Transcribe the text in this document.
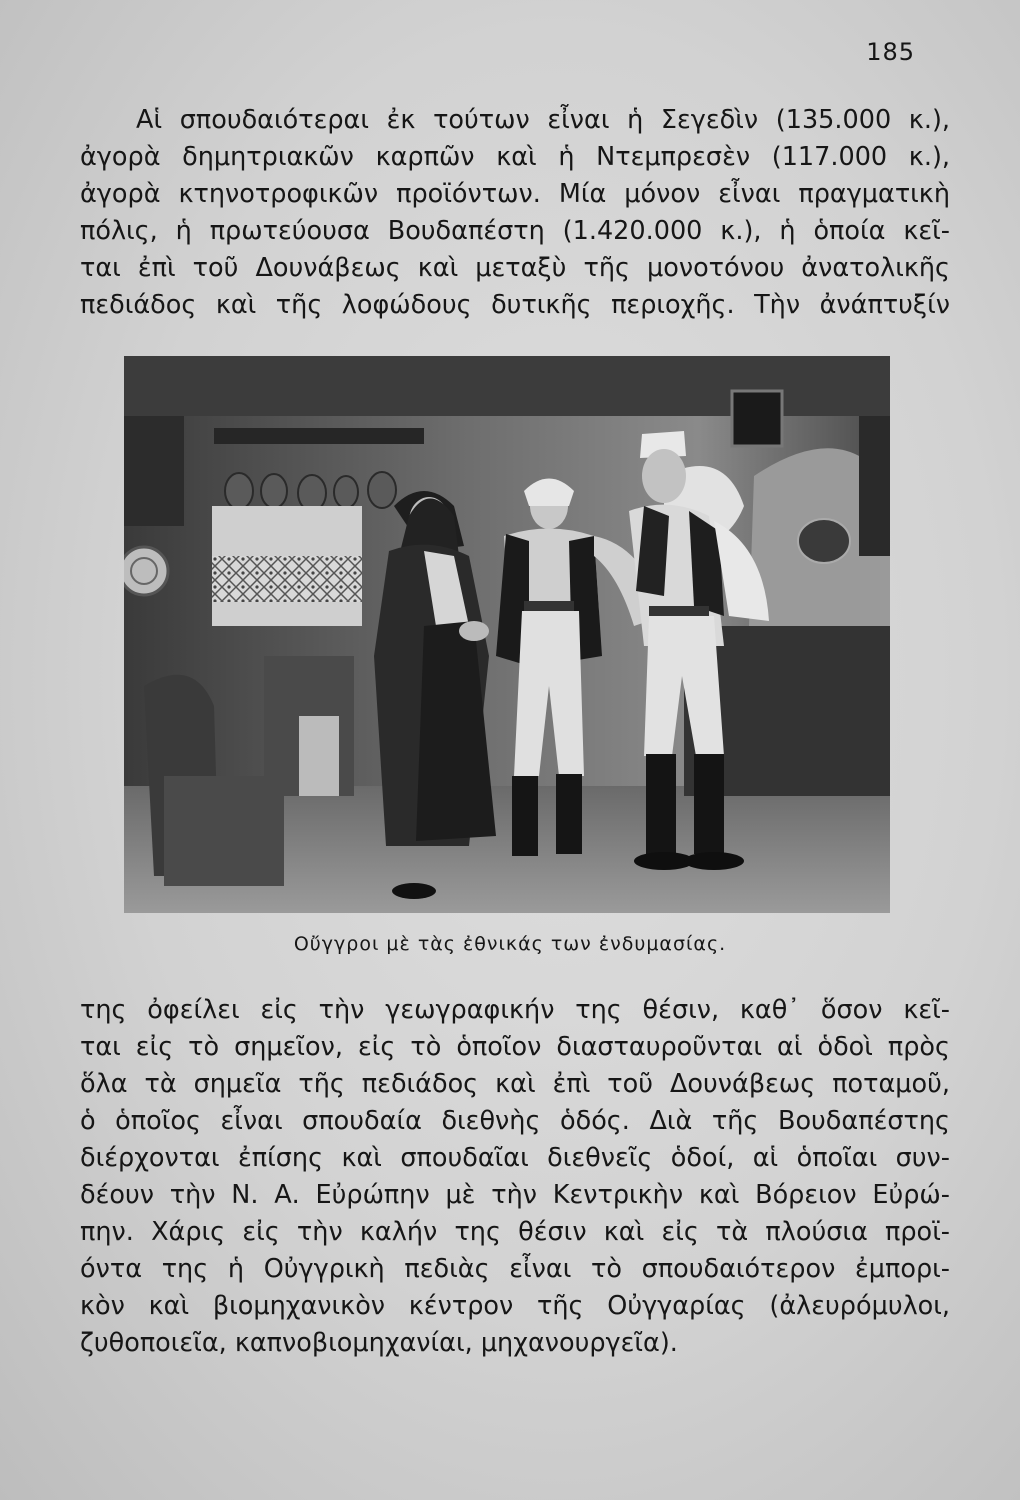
185
Αἱ σπουδαιότεραι ἐκ τούτων εἶναι ἡ Σεγεδὶν (135.000 κ.),
ἀγορὰ δημητριακῶν καρπῶν καὶ ἡ Ντεμπρεσὲν (117.000 κ.),
ἀγορὰ κτηνοτροφικῶν προϊόντων. Μία μόνον εἶναι πραγματικὴ
πόλις, ἡ πρωτεύουσα Βουδαπέστη (1.420.000 κ.), ἡ ὁποία κεῖ-
ται ἐπὶ τοῦ Δουνάβεως καὶ μεταξὺ τῆς μονοτόνου ἀνατολικῆς
πεδιάδος καὶ τῆς λοφώδους δυτικῆς περιοχῆς. Τὴν ἀνάπτυξίν
Οὔγγροι μὲ τὰς ἐθνικάς των ἐνδυμασίας.
της ὀφείλει εἰς τὴν γεωγραφικήν της θέσιν, καθ᾿ ὅσον κεῖ-
ται εἰς τὸ σημεῖον, εἰς τὸ ὁποῖον διασταυροῦνται αἱ ὁδοὶ πρὸς
ὅλα τὰ σημεῖα τῆς πεδιάδος καὶ ἐπὶ τοῦ Δουνάβεως ποταμοῦ,
ὁ ὁποῖος εἶναι σπουδαία διεθνὴς ὁδός. Διὰ τῆς Βουδαπέστης
διέρχονται ἐπίσης καὶ σπουδαῖαι διεθνεῖς ὁδοί, αἱ ὁποῖαι συν-
δέουν τὴν Ν. Α. Εὐρώπην μὲ τὴν Κεντρικὴν καὶ Βόρειον Εὐρώ-
πην. Χάρις εἰς τὴν καλήν της θέσιν καὶ εἰς τὰ πλούσια προϊ-
όντα της ἡ Οὐγγρικὴ πεδιὰς εἶναι τὸ σπουδαιότερον ἐμπορι-
κὸν καὶ βιομηχανικὸν κέντρον τῆς Οὐγγαρίας (ἀλευρόμυλοι,
ζυθοποιεῖα, καπνοβιομηχανίαι, μηχανουργεῖα).
